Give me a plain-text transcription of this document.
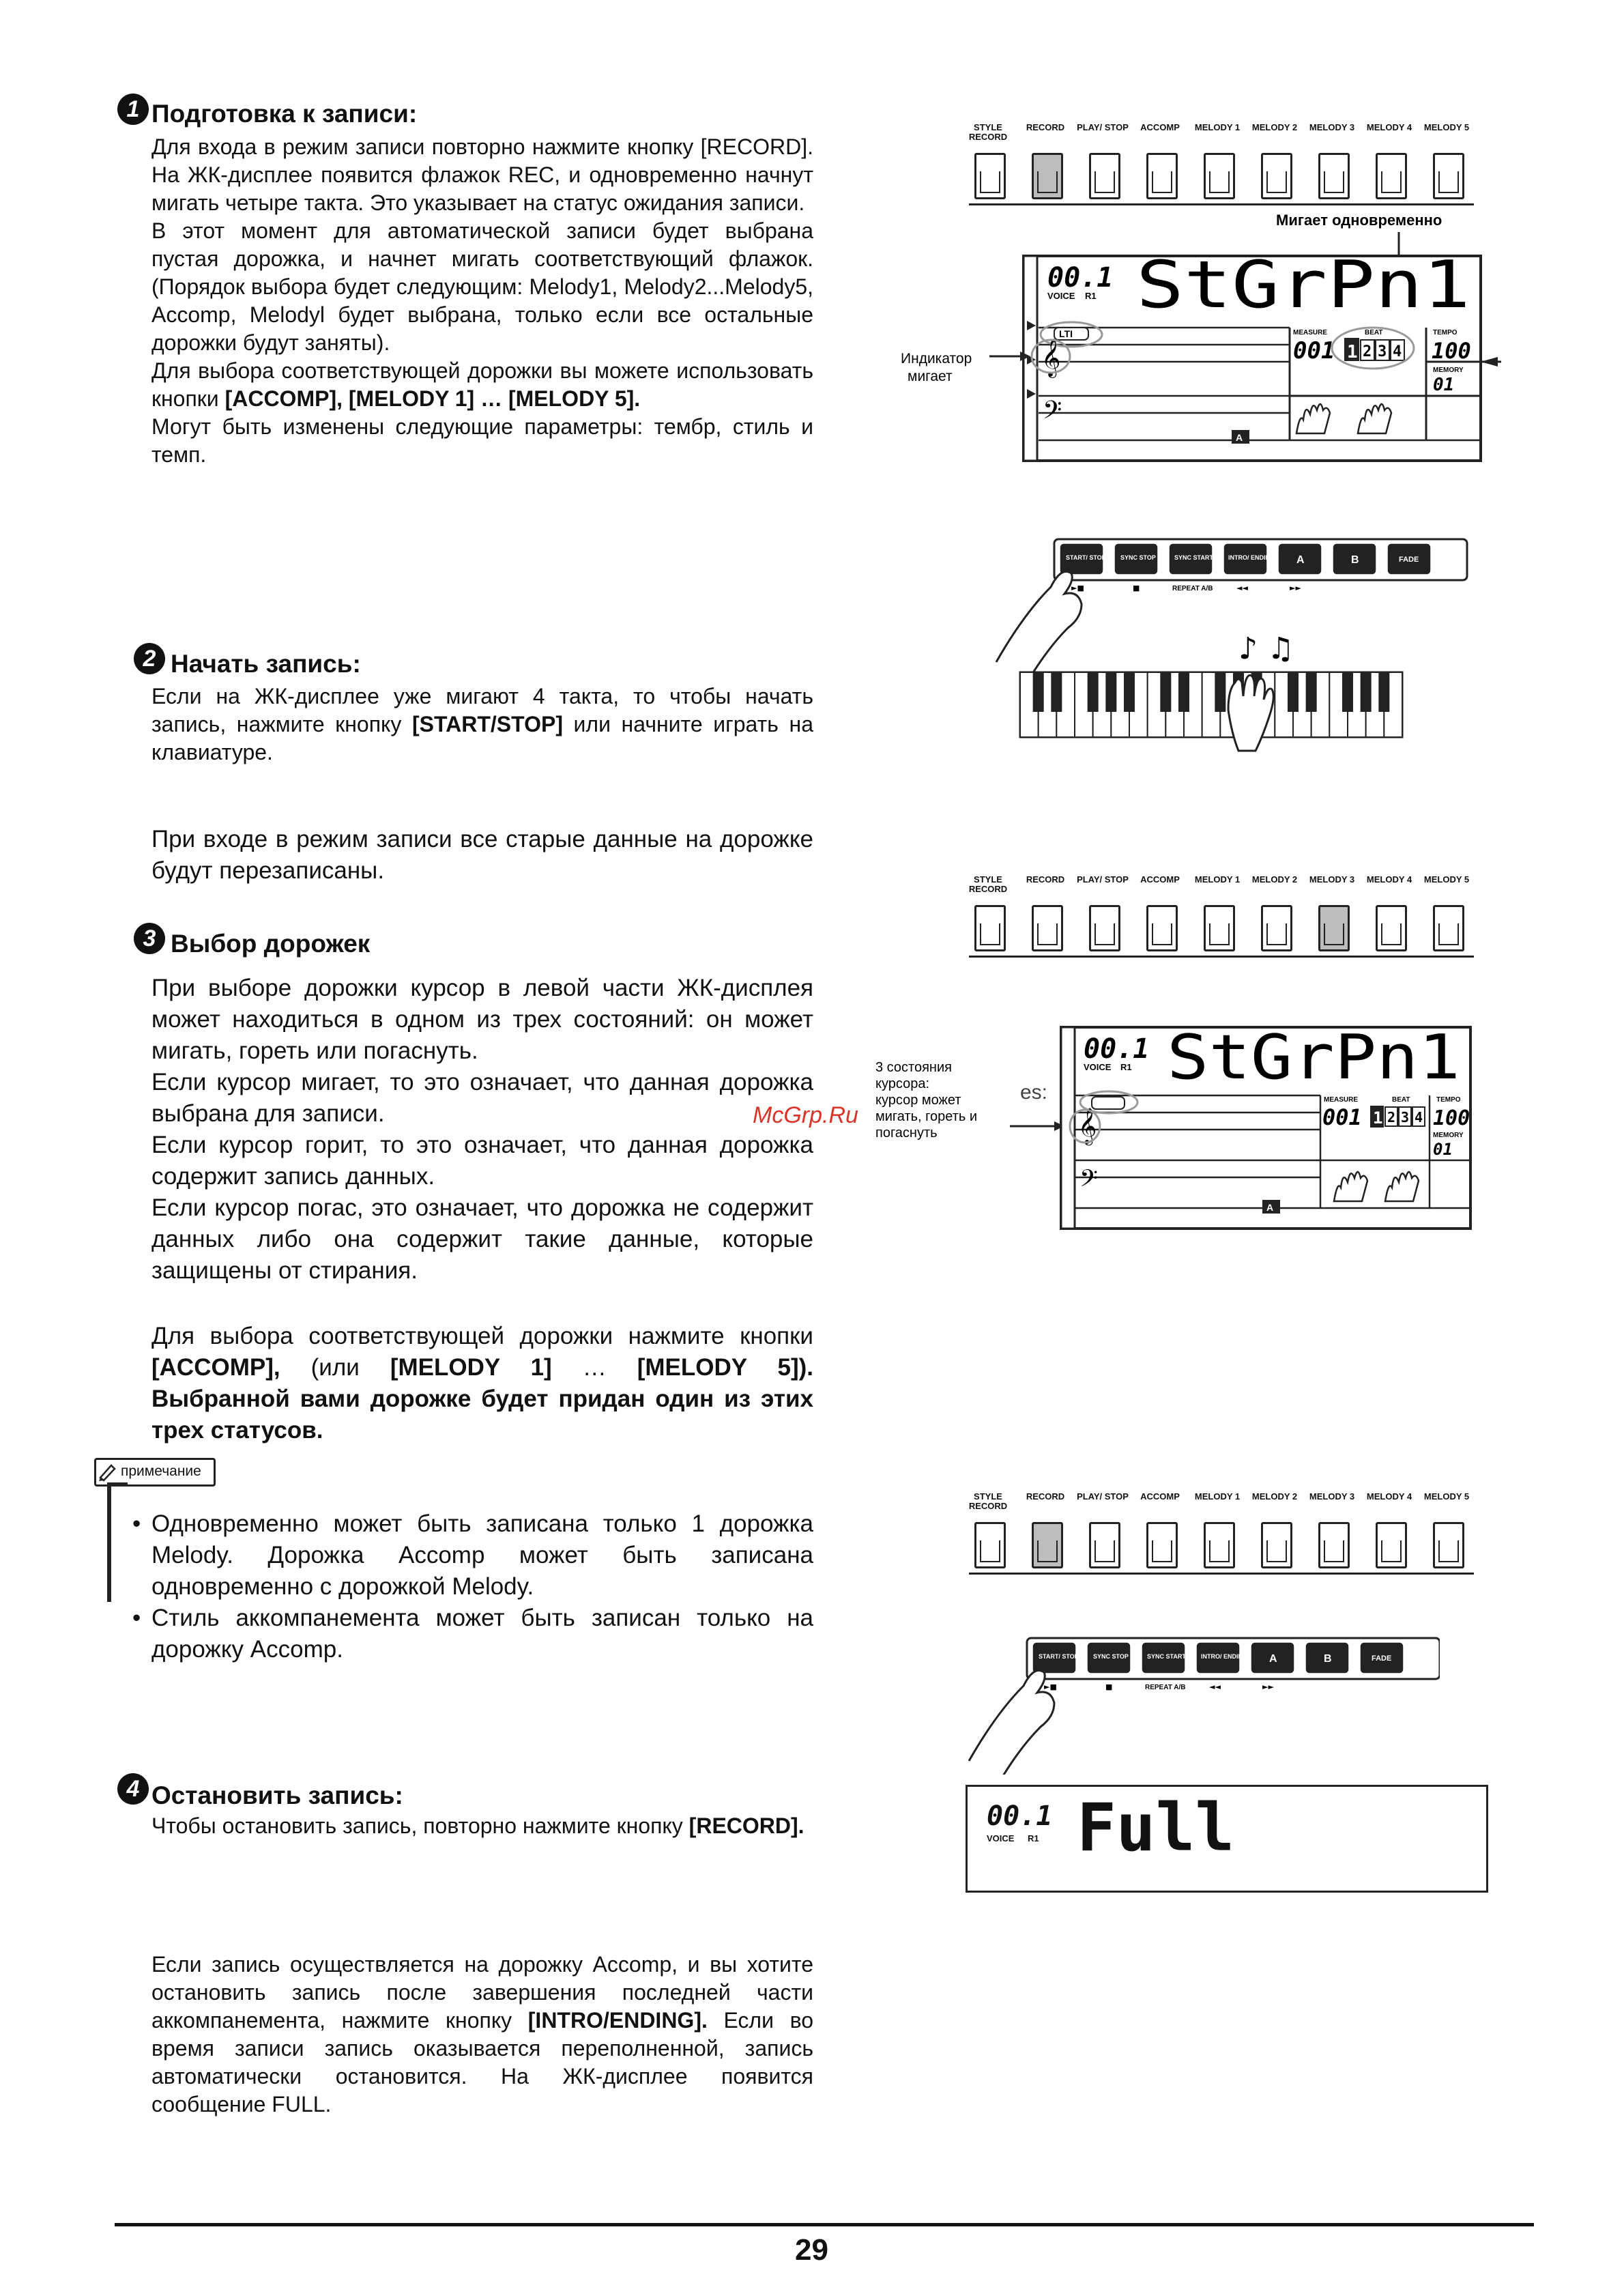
1 Подготовка к записи:

Для входа в режим записи повторно нажмите кнопку [RECORD]. На ЖК-дисплее появится флажок REC, и одновременно начнут мигать четыре такта. Это указывает на статус ожидания записи.

В этот момент для автоматической записи будет выбрана пустая дорожка, и начнет мигать соответствующий флажок. (Порядок выбора будет следующим: Melody1, Melody2...Melody5, Accomp, Melodyl будет выбрана, только если все остальные дорожки будут заняты).

Для выбора соответствующей дорожки вы можете использовать кнопки [ACCOMP], [MELODY 1] … [MELODY 5].

Могут быть изменены следующие параметры: тембр, стиль и темп.

2 Начать запись:

Если на ЖК-дисплее уже мигают 4 такта, то чтобы начать запись, нажмите кнопку [START/STOP] или начните играть на клавиатуре.

При входе в режим записи все старые данные на дорожке будут перезаписаны.

3 Выбор дорожек

При выборе дорожки курсор в левой части ЖК-дисплея может находиться в одном из трех состояний: он может мигать, гореть или погаснуть.

Если курсор мигает, то это означает, что данная дорожка выбрана для записи.

Если курсор горит, то это означает, что данная дорожка содержит запись данных.

Если курсор погас, это означает, что дорожка не содержит данных либо она содержит такие данные, которые защищены от стирания.

Для выбора соответствующей дорожки нажмите кнопки [ACCOMP], (или [MELODY 1] … [MELODY 5]). Выбранной вами дорожке будет придан один из этих трех статусов.

примечание

• Одновременно может быть записана только 1 дорожка Melody. Дорожка Accomp может быть записана одновременно с дорожкой Melody.

• Стиль аккомпанемента может быть записан только на дорожку Accomp.

4 Остановить запись:

Чтобы остановить запись, повторно нажмите кнопку [RECORD].

Если запись осуществляется на дорожку Accomp, и вы хотите остановить запись после завершения последней части аккомпанемента, нажмите кнопку [INTRO/ENDING]. Если во время записи запись оказывается переполненной, запись автоматически остановится. На ЖК-дисплее появится сообщение FULL.

STYLE RECORD
RECORD	PLAY/ STOP	ACCOMP	MELODY 1	MELODY 2	MELODY 3	MELODY 4	MELODY 5
Мигает одновременно
00.1
VOICE R1 StGrPn1
LTI
𝄞
𝄢
A
MEASURE	BEAT	TEMPO
001 1 2 3 4 100
MEMORY
01
Индикатор
мигает
START/ STOP SYNC STOP	SYNC START INTRO/ ENDING A	B	FADE
►■	■	REPEAT A/B	◄◄	►►
♪ ♫
STYLE RECORD
RECORD	PLAY/ STOP	ACCOMP	MELODY 1	MELODY 2	MELODY 3	MELODY 4	MELODY 5
3 состояния
курсора:
курсор может
мигать, гореть и
погаснуть
es:
00.1
VOICE R1 StGrPn1
𝄞
𝄢
A
MEASURE	BEAT	TEMPO
001 1 2 3 4 100
MEMORY
01
McGrp.Ru
STYLE RECORD
RECORD	PLAY/ STOP	ACCOMP	MELODY 1	MELODY 2	MELODY 3	MELODY 4	MELODY 5
START/ STOP SYNC STOP	SYNC START INTRO/ ENDING A	B	FADE
►■	■	REPEAT A/B	◄◄	►►
00.1
VOICE R1 Full
29
